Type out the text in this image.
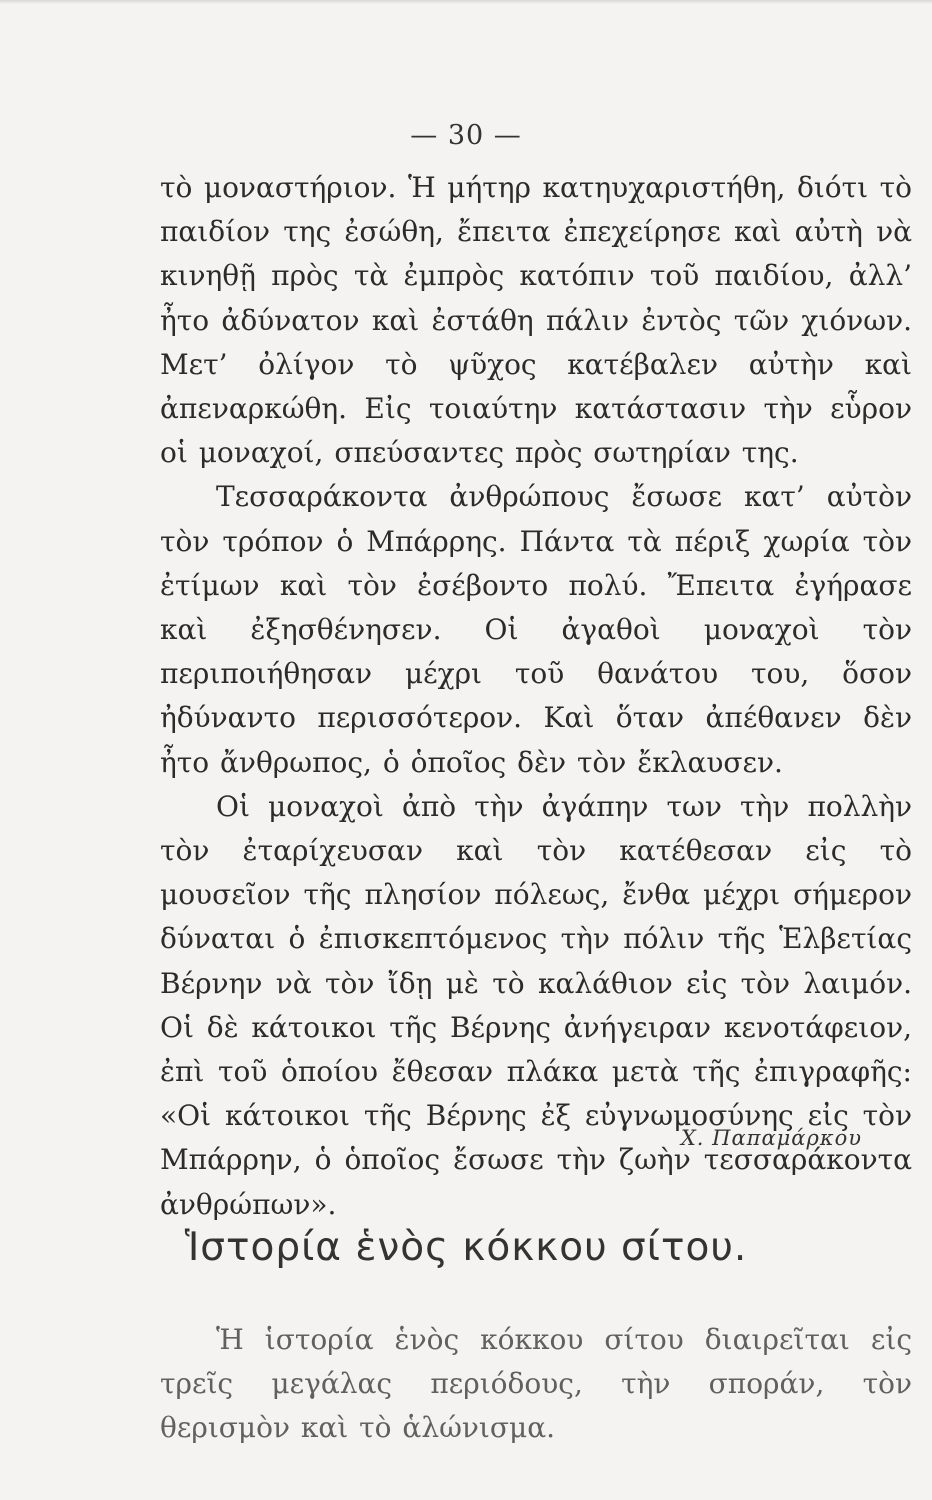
— 30 —

τὸ μοναστήριον. Ἡ μήτηρ κατηυχαριστήθη, διότι τὸ παιδίον της ἐσώθη, ἔπειτα ἐπεχείρησε καὶ αὐτὴ νὰ κινηθῇ πρὸς τὰ ἐμπρὸς κατόπιν τοῦ παιδίου, ἀλλ’ ἦτο ἀδύνατον καὶ ἐστάθη πάλιν ἐντὸς τῶν χιόνων. Μετ’ ὀλίγον τὸ ψῦχος κατέβαλεν αὐτὴν καὶ ἀπεναρκώθη. Εἰς τοιαύτην κατάστασιν τὴν εὗρον οἱ μοναχοί, σπεύσαντες πρὸς σωτηρίαν της.

Τεσσαράκοντα ἀνθρώπους ἔσωσε κατ’ αὐτὸν τὸν τρόπον ὁ Μπάρρης. Πάντα τὰ πέριξ χωρία τὸν ἐτίμων καὶ τὸν ἐσέβοντο πολύ. Ἔπειτα ἐγήρασε καὶ ἐξησθένησεν. Οἱ ἀγαθοὶ μοναχοὶ τὸν περιποιήθησαν μέχρι τοῦ θανάτου του, ὅσον ἠδύναντο περισσότερον. Καὶ ὅταν ἀπέθανεν δὲν ἦτο ἄνθρωπος, ὁ ὁποῖος δὲν τὸν ἔκλαυσεν.

Οἱ μοναχοὶ ἀπὸ τὴν ἀγάπην των τὴν πολλὴν τὸν ἐταρίχευσαν καὶ τὸν κατέθεσαν εἰς τὸ μουσεῖον τῆς πλησίον πόλεως, ἔνθα μέχρι σήμερον δύναται ὁ ἐπισκεπτόμενος τὴν πόλιν τῆς Ἑλβετίας Βέρνην νὰ τὸν ἴδῃ μὲ τὸ καλάθιον εἰς τὸν λαιμόν. Οἱ δὲ κάτοικοι τῆς Βέρνης ἀνήγειραν κενοτάφειον, ἐπὶ τοῦ ὁποίου ἔθεσαν πλάκα μετὰ τῆς ἐπιγραφῆς: «Οἱ κάτοικοι τῆς Βέρνης ἐξ εὐγνωμοσύνης εἰς τὸν Μπάρρην, ὁ ὁποῖος ἔσωσε τὴν ζωὴν τεσσαράκοντα ἀνθρώπων».

Χ. Παπαμάρκου
Ἱστορία ἑνὸς κόκκου σίτου.

Ἡ ἱστορία ἑνὸς κόκκου σίτου διαιρεῖται εἰς τρεῖς μεγάλας περιόδους, τὴν σποράν, τὸν θερισμὸν καὶ τὸ ἁλώνισμα.
